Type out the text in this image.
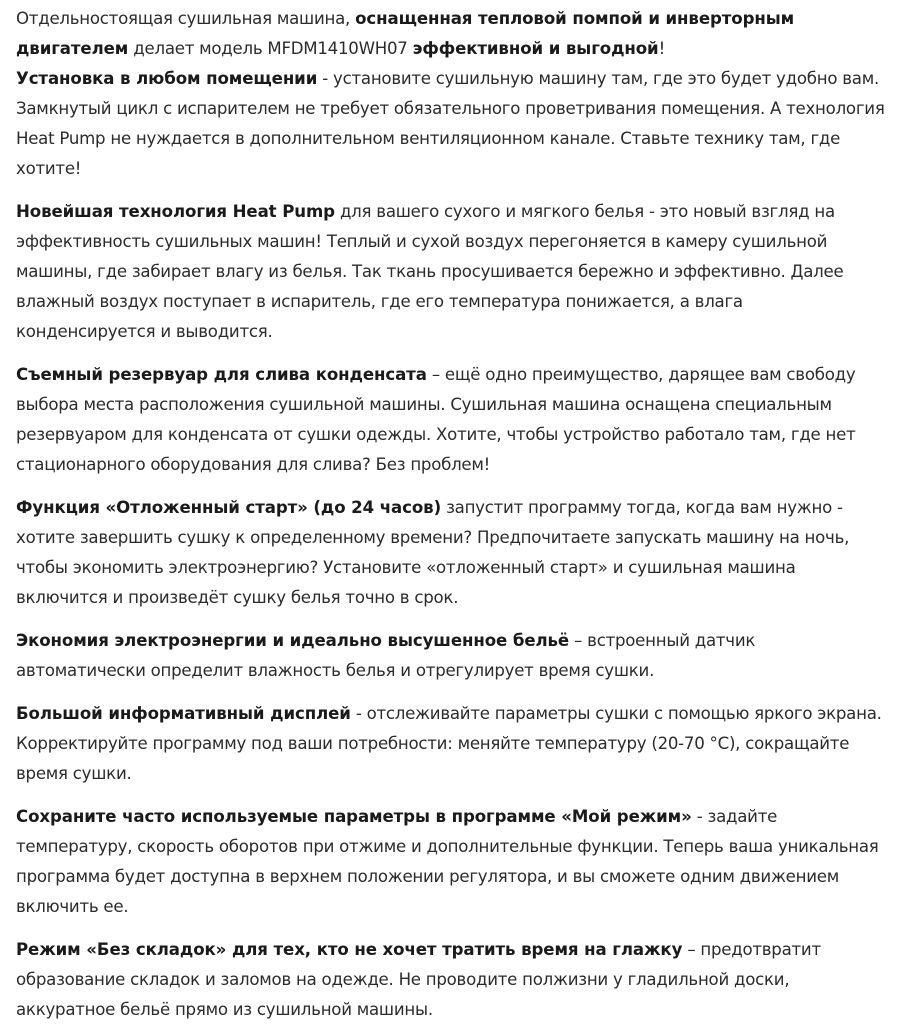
Отдельностоящая сушильная машина, оснащенная тепловой помпой и инверторным двигателем делает модель MFDM1410WH07 эффективной и выгодной!

Установка в любом помещении - установите сушильную машину там, где это будет удобно вам. Замкнутый цикл с испарителем не требует обязательного проветривания помещения. А технология Heat Pump не нуждается в дополнительном вентиляционном канале. Ставьте технику там, где хотите!

Новейшая технология Heat Pump для вашего сухого и мягкого белья - это новый взгляд на эффективность сушильных машин! Теплый и сухой воздух перегоняется в камеру сушильной машины, где забирает влагу из белья. Так ткань просушивается бережно и эффективно. Далее влажный воздух поступает в испаритель, где его температура понижается, а влага конденсируется и выводится.

Съемный резервуар для слива конденсата – ещё одно преимущество, дарящее вам свободу выбора места расположения сушильной машины. Сушильная машина оснащена специальным резервуаром для конденсата от сушки одежды. Хотите, чтобы устройство работало там, где нет стационарного оборудования для слива? Без проблем!

Функция «Отложенный старт» (до 24 часов) запустит программу тогда, когда вам нужно - хотите завершить сушку к определенному времени? Предпочитаете запускать машину на ночь, чтобы экономить электроэнергию? Установите «отложенный старт» и сушильная машина включится и произведёт сушку белья точно в срок.

Экономия электроэнергии и идеально высушенное бельё – встроенный датчик автоматически определит влажность белья и отрегулирует время сушки.

Большой информативный дисплей - отслеживайте параметры сушки с помощью яркого экрана. Корректируйте программу под ваши потребности: меняйте температуру (20-70 °C), сокращайте время сушки.

Сохраните часто используемые параметры в программе «Мой режим» - задайте температуру, скорость оборотов при отжиме и дополнительные функции. Теперь ваша уникальная программа будет доступна в верхнем положении регулятора, и вы сможете одним движением включить ее.

Режим «Без складок» для тех, кто не хочет тратить время на глажку – предотвратит образование складок и заломов на одежде. Не проводите полжизни у гладильной доски, аккуратное бельё прямо из сушильной машины.
